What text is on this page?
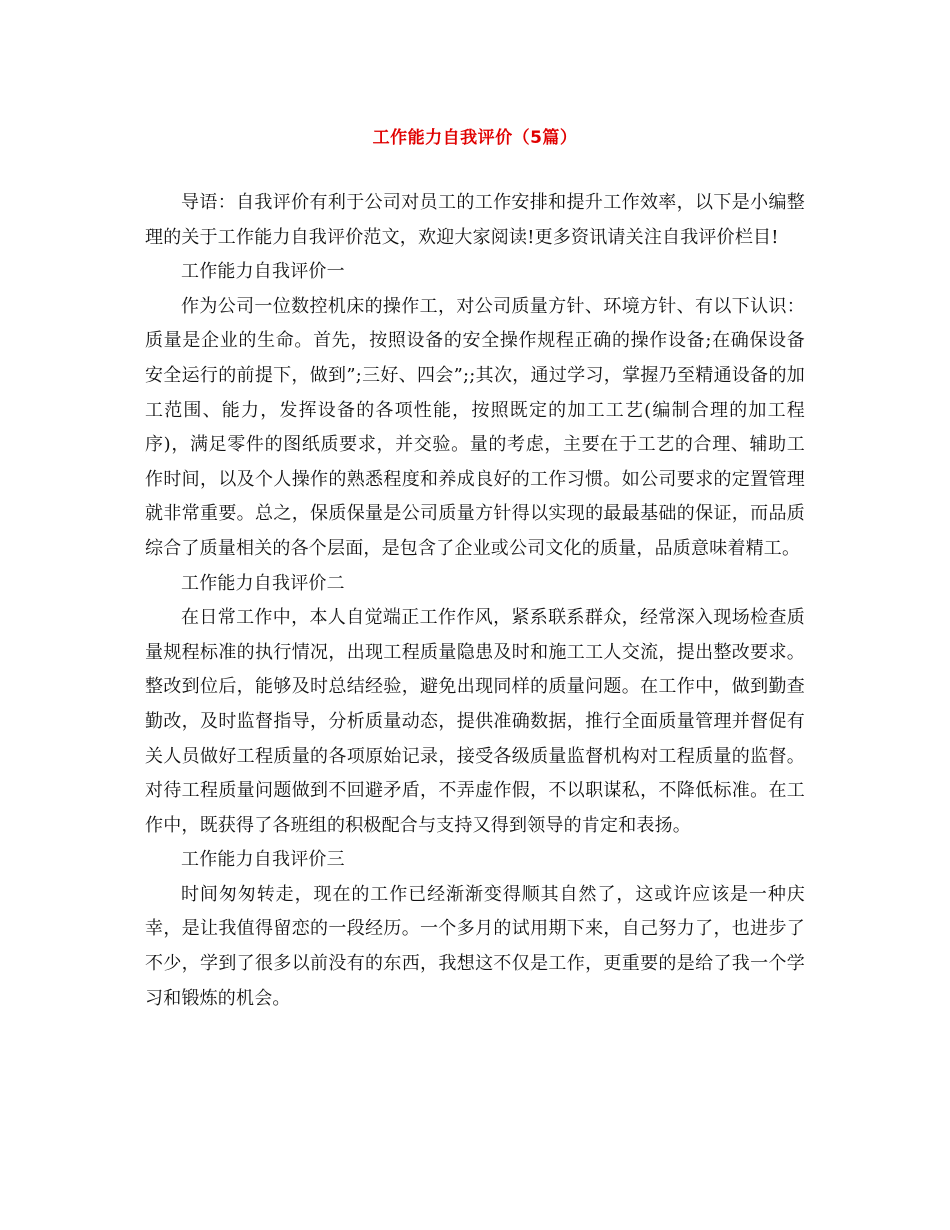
工作能力自我评价（5篇）

导语：自我评价有利于公司对员工的工作安排和提升工作效率，以下是小编整理的关于工作能力自我评价范文，欢迎大家阅读!更多资讯请关注自我评价栏目!

工作能力自我评价一

作为公司一位数控机床的操作工，对公司质量方针、环境方针、有以下认识：质量是企业的生命。首先，按照设备的安全操作规程正确的操作设备;在确保设备安全运行的前提下，做到”;三好、四会”;;其次，通过学习，掌握乃至精通设备的加工范围、能力，发挥设备的各项性能，按照既定的加工工艺(编制合理的加工程序)，满足零件的图纸质要求，并交验。量的考虑，主要在于工艺的合理、辅助工作时间，以及个人操作的熟悉程度和养成良好的工作习惯。如公司要求的定置管理就非常重要。总之，保质保量是公司质量方针得以实现的最最基础的保证，而品质综合了质量相关的各个层面，是包含了企业或公司文化的质量，品质意味着精工。

工作能力自我评价二

在日常工作中，本人自觉端正工作作风，紧系联系群众，经常深入现场检查质量规程标准的执行情况，出现工程质量隐患及时和施工工人交流，提出整改要求。整改到位后，能够及时总结经验，避免出现同样的质量问题。在工作中，做到勤查勤改，及时监督指导，分析质量动态，提供准确数据，推行全面质量管理并督促有关人员做好工程质量的各项原始记录，接受各级质量监督机构对工程质量的监督。对待工程质量问题做到不回避矛盾，不弄虚作假，不以职谋私，不降低标准。在工作中，既获得了各班组的积极配合与支持又得到领导的肯定和表扬。

工作能力自我评价三

时间匆匆转走，现在的工作已经渐渐变得顺其自然了，这或许应该是一种庆幸，是让我值得留恋的一段经历。一个多月的试用期下来，自己努力了，也进步了不少，学到了很多以前没有的东西，我想这不仅是工作，更重要的是给了我一个学习和锻炼的机会。
